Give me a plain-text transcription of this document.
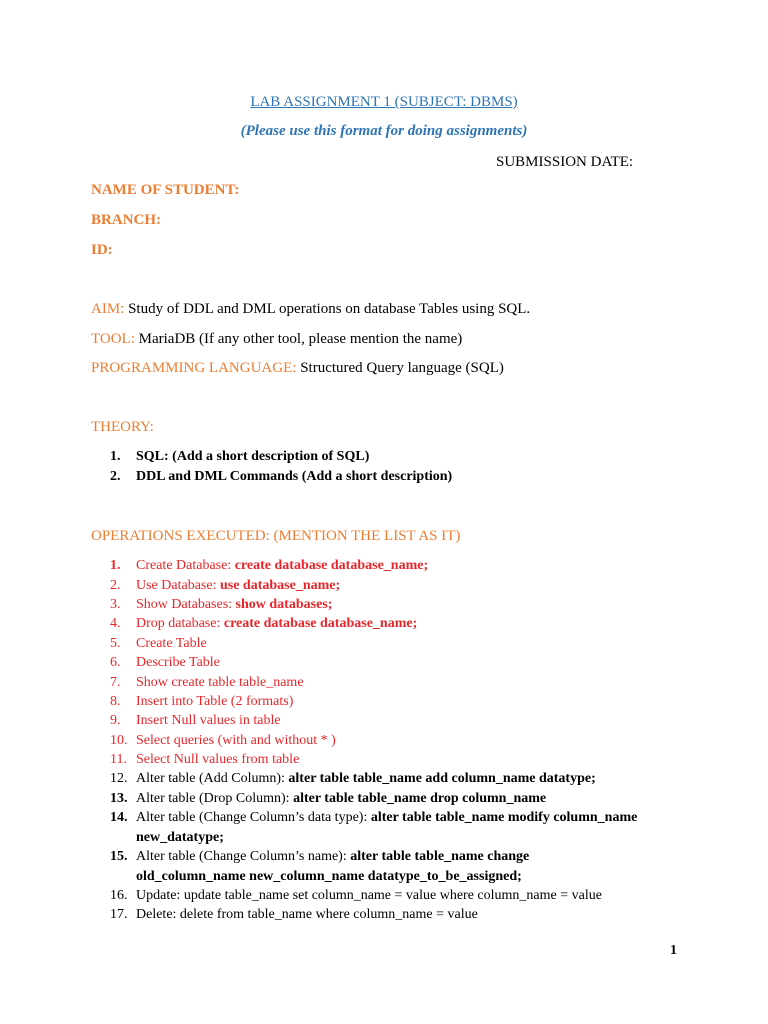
LAB ASSIGNMENT 1 (SUBJECT: DBMS)
(Please use this format for doing assignments)
SUBMISSION DATE:
NAME OF STUDENT:
BRANCH:
ID:
AIM: Study of DDL and DML operations on database Tables using SQL.
TOOL: MariaDB (If any other tool, please mention the name)
PROGRAMMING LANGUAGE: Structured Query language (SQL)
THEORY:
1. SQL: (Add a short description of SQL)
2. DDL and DML Commands (Add a short description)
OPERATIONS EXECUTED: (MENTION THE LIST AS IT)
1. Create Database: create database database_name;
2. Use Database: use database_name;
3. Show Databases: show databases;
4. Drop database: create database database_name;
5. Create Table
6. Describe Table
7. Show create table table_name
8. Insert into Table (2 formats)
9. Insert Null values in table
10. Select queries (with and without * )
11. Select Null values from table
12. Alter table (Add Column): alter table table_name add column_name datatype;
13. Alter table (Drop Column): alter table table_name drop column_name
14. Alter table (Change Column’s data type): alter table table_name modify column_name
new_datatype;
15. Alter table (Change Column’s name): alter table table_name change
old_column_name new_column_name datatype_to_be_assigned;
16. Update: update table_name set column_name = value where column_name = value
17. Delete: delete from table_name where column_name = value
1
